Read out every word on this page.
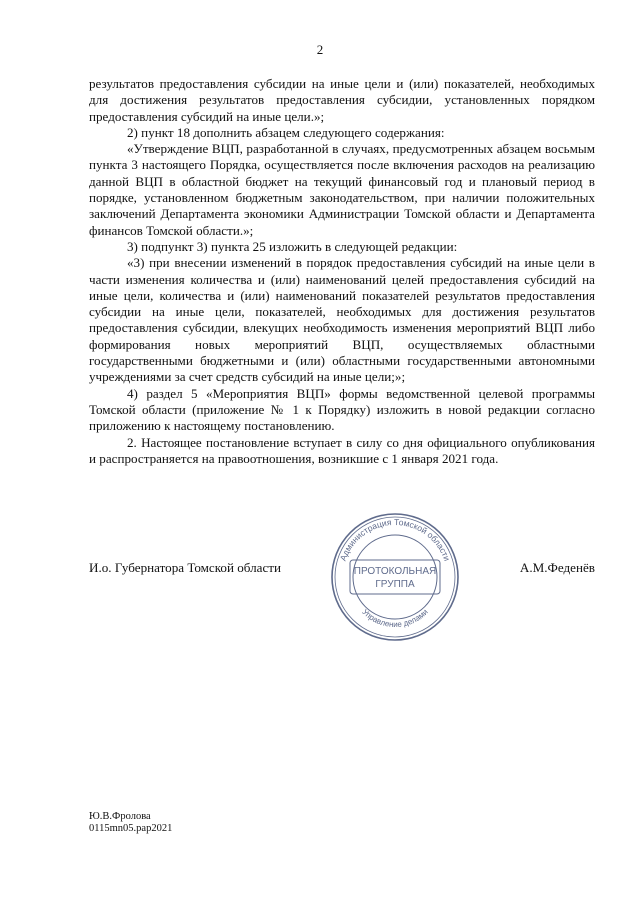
2

результатов предоставления субсидии на иные цели и (или) показателей, необходимых для достижения результатов предоставления субсидии, установленных порядком предоставления субсидий на иные цели.»;

2) пункт 18 дополнить абзацем следующего содержания:

«Утверждение ВЦП, разработанной в случаях, предусмотренных абзацем восьмым пункта 3 настоящего Порядка, осуществляется после включения расходов на реализацию данной ВЦП в областной бюджет на текущий финансовый год и плановый период в порядке, установленном бюджетным законодательством, при наличии положительных заключений Департамента экономики Администрации Томской области и Департамента финансов Томской области.»;

3) подпункт 3) пункта 25 изложить в следующей редакции:

«3) при внесении изменений в порядок предоставления субсидий на иные цели в части изменения количества и (или) наименований целей предоставления субсидий на иные цели, количества и (или) наименований показателей результатов предоставления субсидии на иные цели, показателей, необходимых для достижения результатов предоставления субсидии, влекущих необходимость изменения мероприятий ВЦП либо формирования новых мероприятий ВЦП, осуществляемых областными государственными бюджетными и (или) областными государственными автономными учреждениями за счет средств субсидий на иные цели;»;

4) раздел 5 «Мероприятия ВЦП» формы ведомственной целевой программы Томской области (приложение № 1 к Порядку) изложить в новой редакции согласно приложению к настоящему постановлению.

2. Настоящее постановление вступает в силу со дня официального опубликования и распространяется на правоотношения, возникшие с 1 января 2021 года.

И.о. Губернатора Томской области	А.М.Феденёв
Администрация Томской области
Управление делами
ПРОТОКОЛЬНАЯ
ГРУППА
Ю.В.Фролова
0115mn05.рар2021
